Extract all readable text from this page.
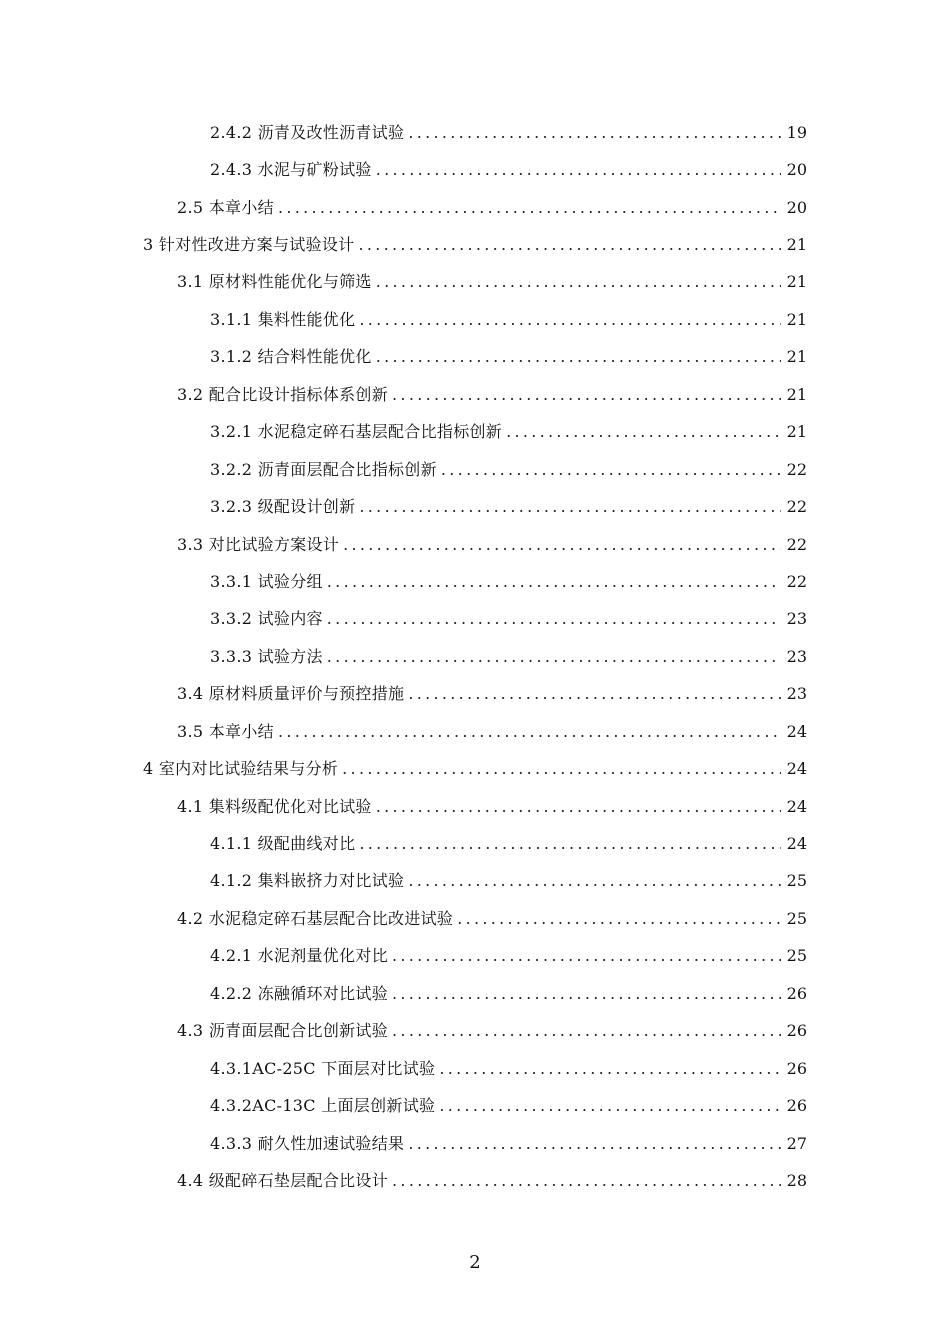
2.4.2 沥青及改性沥青试验 .....	19
2.4.3 水泥与矿粉试验 .....	20
2.5 本章小结 .....	20
3 针对性改进方案与试验设计 .....	21
3.1 原材料性能优化与筛选 .....	21
3.1.1 集料性能优化 .....	21
3.1.2 结合料性能优化 .....	21
3.2 配合比设计指标体系创新 .....	21
3.2.1 水泥稳定碎石基层配合比指标创新 .....	21
3.2.2 沥青面层配合比指标创新 .....	22
3.2.3 级配设计创新 .....	22
3.3 对比试验方案设计 .....	22
3.3.1 试验分组 .....	22
3.3.2 试验内容 .....	23
3.3.3 试验方法 .....	23
3.4 原材料质量评价与预控措施 .....	23
3.5 本章小结 .....	24
4 室内对比试验结果与分析 .....	24
4.1 集料级配优化对比试验 .....	24
4.1.1 级配曲线对比 .....	24
4.1.2 集料嵌挤力对比试验 .....	25
4.2 水泥稳定碎石基层配合比改进试验 .....	25
4.2.1 水泥剂量优化对比 .....	25
4.2.2 冻融循环对比试验 .....	26
4.3 沥青面层配合比创新试验 .....	26
4.3.1AC-25C 下面层对比试验 .....	26
4.3.2AC-13C 上面层创新试验 .....	26
4.3.3 耐久性加速试验结果 .....	27
4.4 级配碎石垫层配合比设计 .....	28
2
